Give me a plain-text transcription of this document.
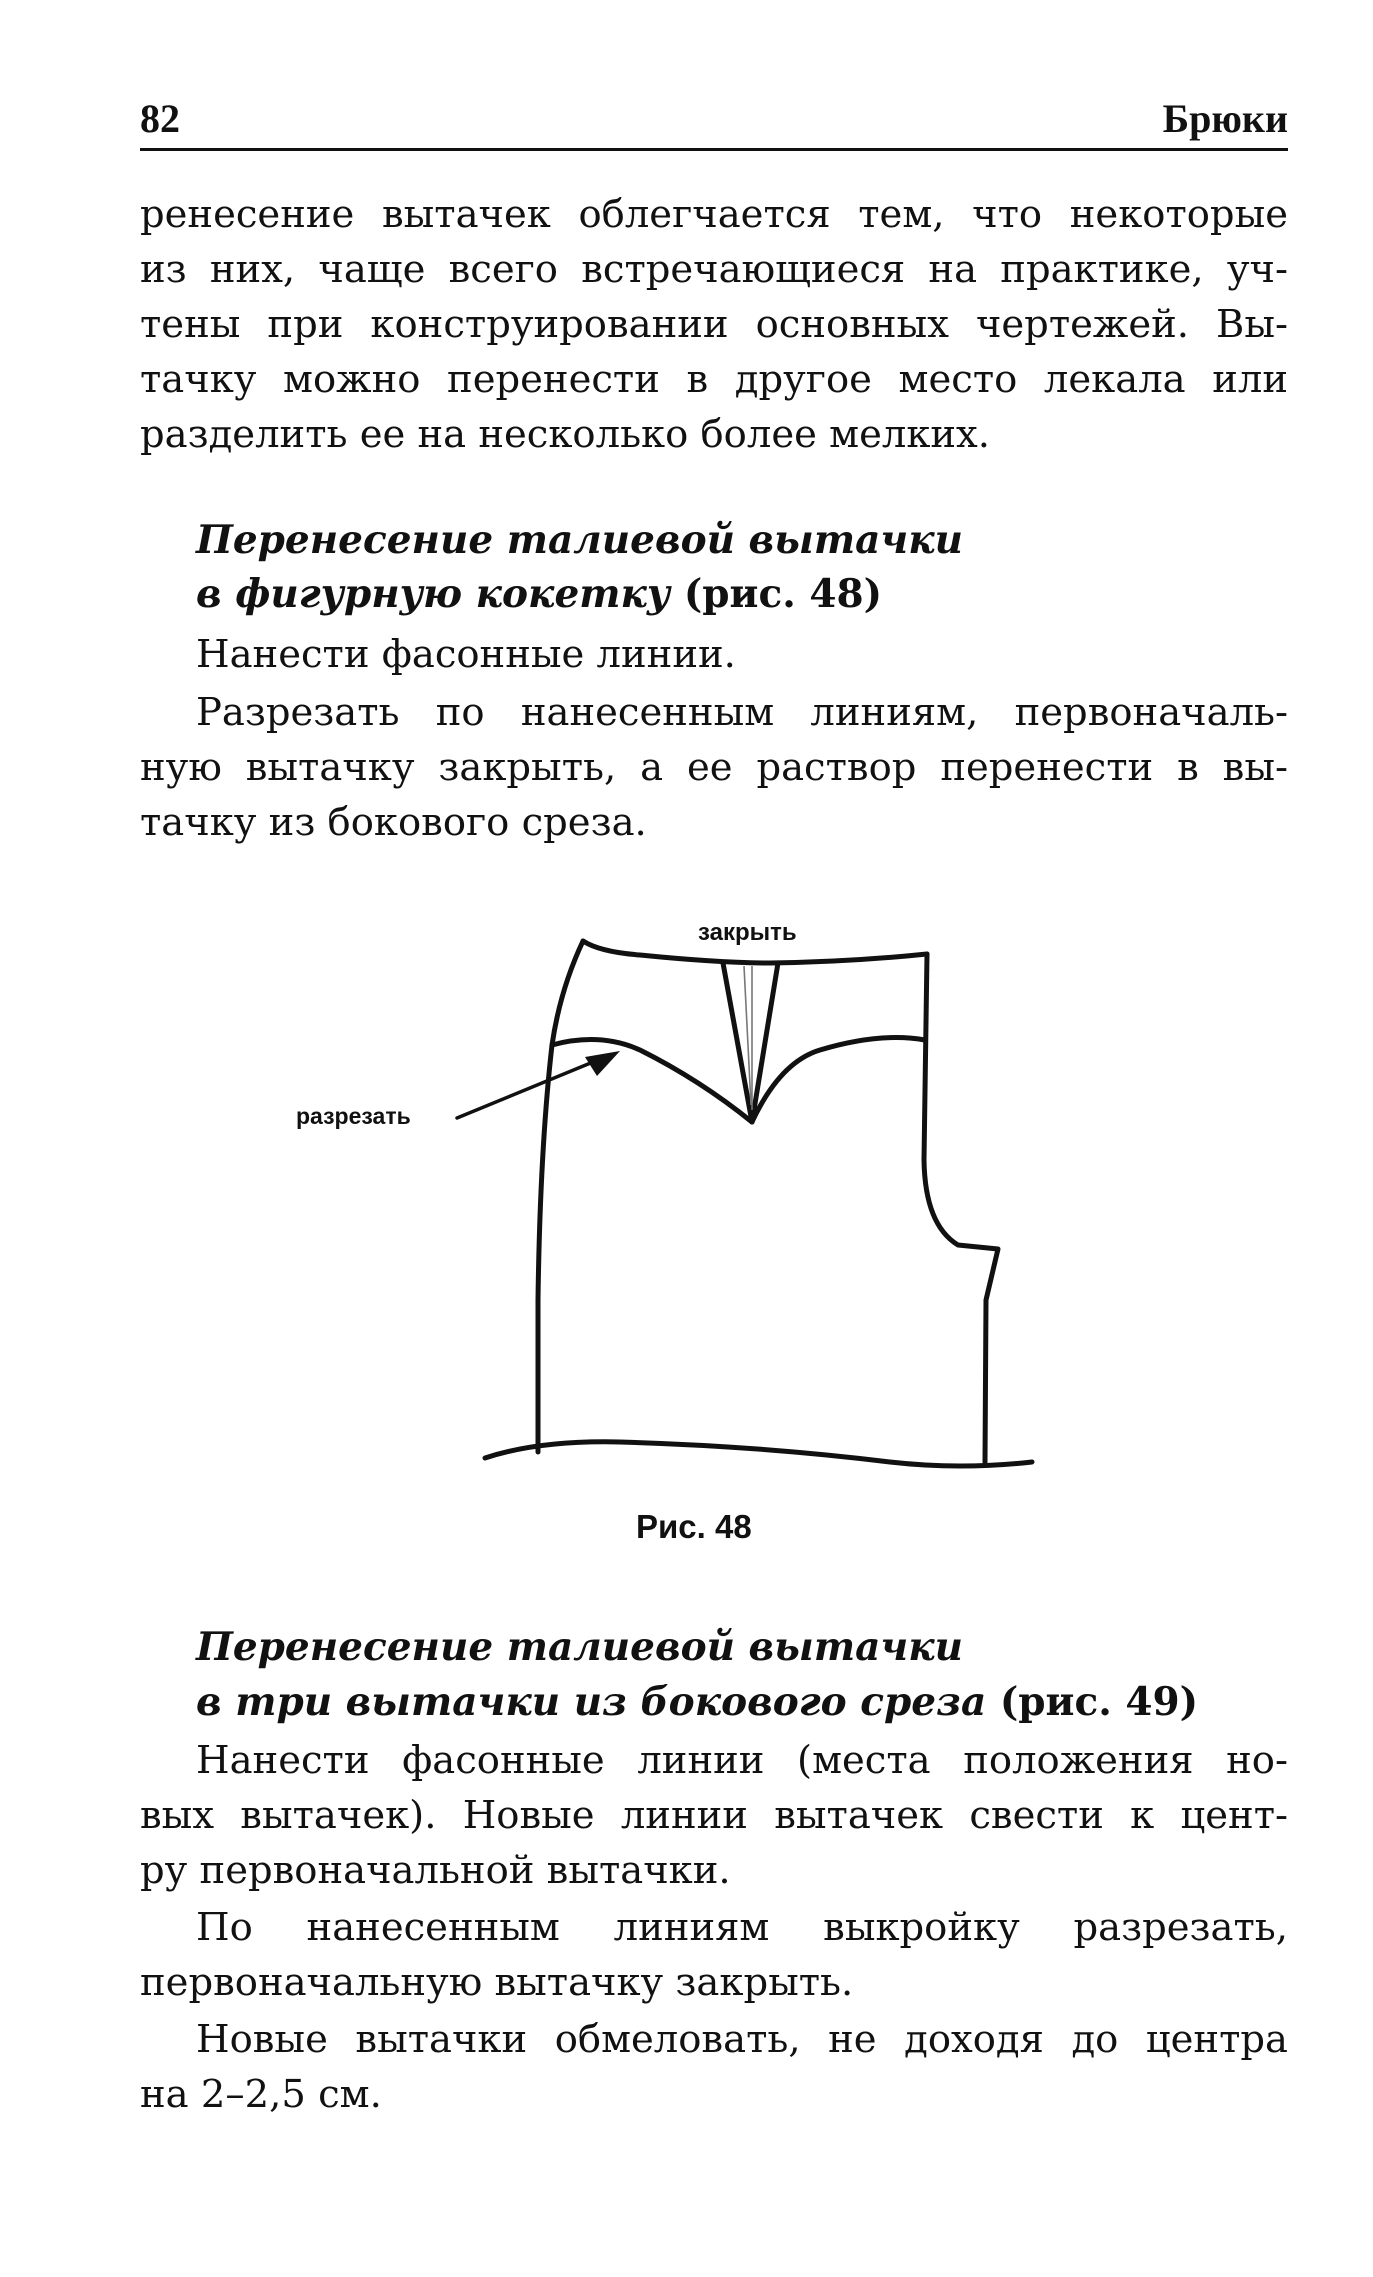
82	Брюки

ренесение вытачек облегчается тем, что некоторые

из них, чаще всего встречающиеся на практике, уч-

тены при конструировании основных чертежей. Вы-

тачку можно перенести в другое место лекала или

разделить ее на несколько более мелких.

Перенесение талиевой вытачки

в фигурную кокетку (рис. 48)

Нанести фасонные линии.

Разрезать по нанесенным линиям, первоначаль-

ную вытачку закрыть, а ее раствор перенести в вы-

тачку из бокового среза.

закрыть
разрезать
Рис. 48

Перенесение талиевой вытачки

в три вытачки из бокового среза (рис. 49)

Нанести фасонные линии (места положения но-

вых вытачек). Новые линии вытачек свести к цент-

ру первоначальной вытачки.

По нанесенным линиям выкройку разрезать,

первоначальную вытачку закрыть.

Новые вытачки обмеловать, не доходя до центра

на 2–2,5 см.
